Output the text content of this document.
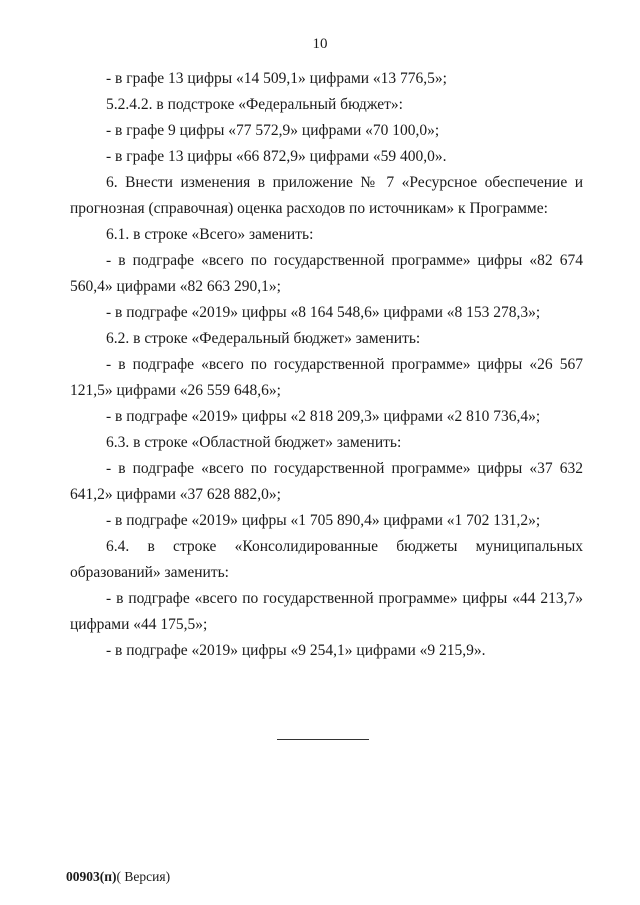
10

- в графе 13 цифры «14 509,1» цифрами «13 776,5»;

5.2.4.2. в подстроке «Федеральный бюджет»:

- в графе 9 цифры «77 572,9» цифрами «70 100,0»;

- в графе 13 цифры «66 872,9» цифрами «59 400,0».

6. Внести изменения в приложение № 7 «Ресурсное обеспечение и прогнозная (справочная) оценка расходов по источникам» к Программе:

6.1. в строке «Всего» заменить:

- в подграфе «всего по государственной программе» цифры «82 674 560,4» цифрами «82 663 290,1»;

- в подграфе «2019» цифры «8 164 548,6» цифрами «8 153 278,3»;

6.2. в строке «Федеральный бюджет» заменить:

- в подграфе «всего по государственной программе» цифры «26 567 121,5» цифрами «26 559 648,6»;

- в подграфе «2019» цифры «2 818 209,3» цифрами «2 810 736,4»;

6.3. в строке «Областной бюджет» заменить:

- в подграфе «всего по государственной программе» цифры «37 632 641,2» цифрами «37 628 882,0»;

- в подграфе «2019» цифры «1 705 890,4» цифрами «1 702 131,2»;

6.4. в строке «Консолидированные бюджеты муниципальных образований» заменить:

- в подграфе «всего по государственной программе» цифры «44 213,7» цифрами «44 175,5»;

- в подграфе «2019» цифры «9 254,1» цифрами «9 215,9».

00903(п)( Версия)
